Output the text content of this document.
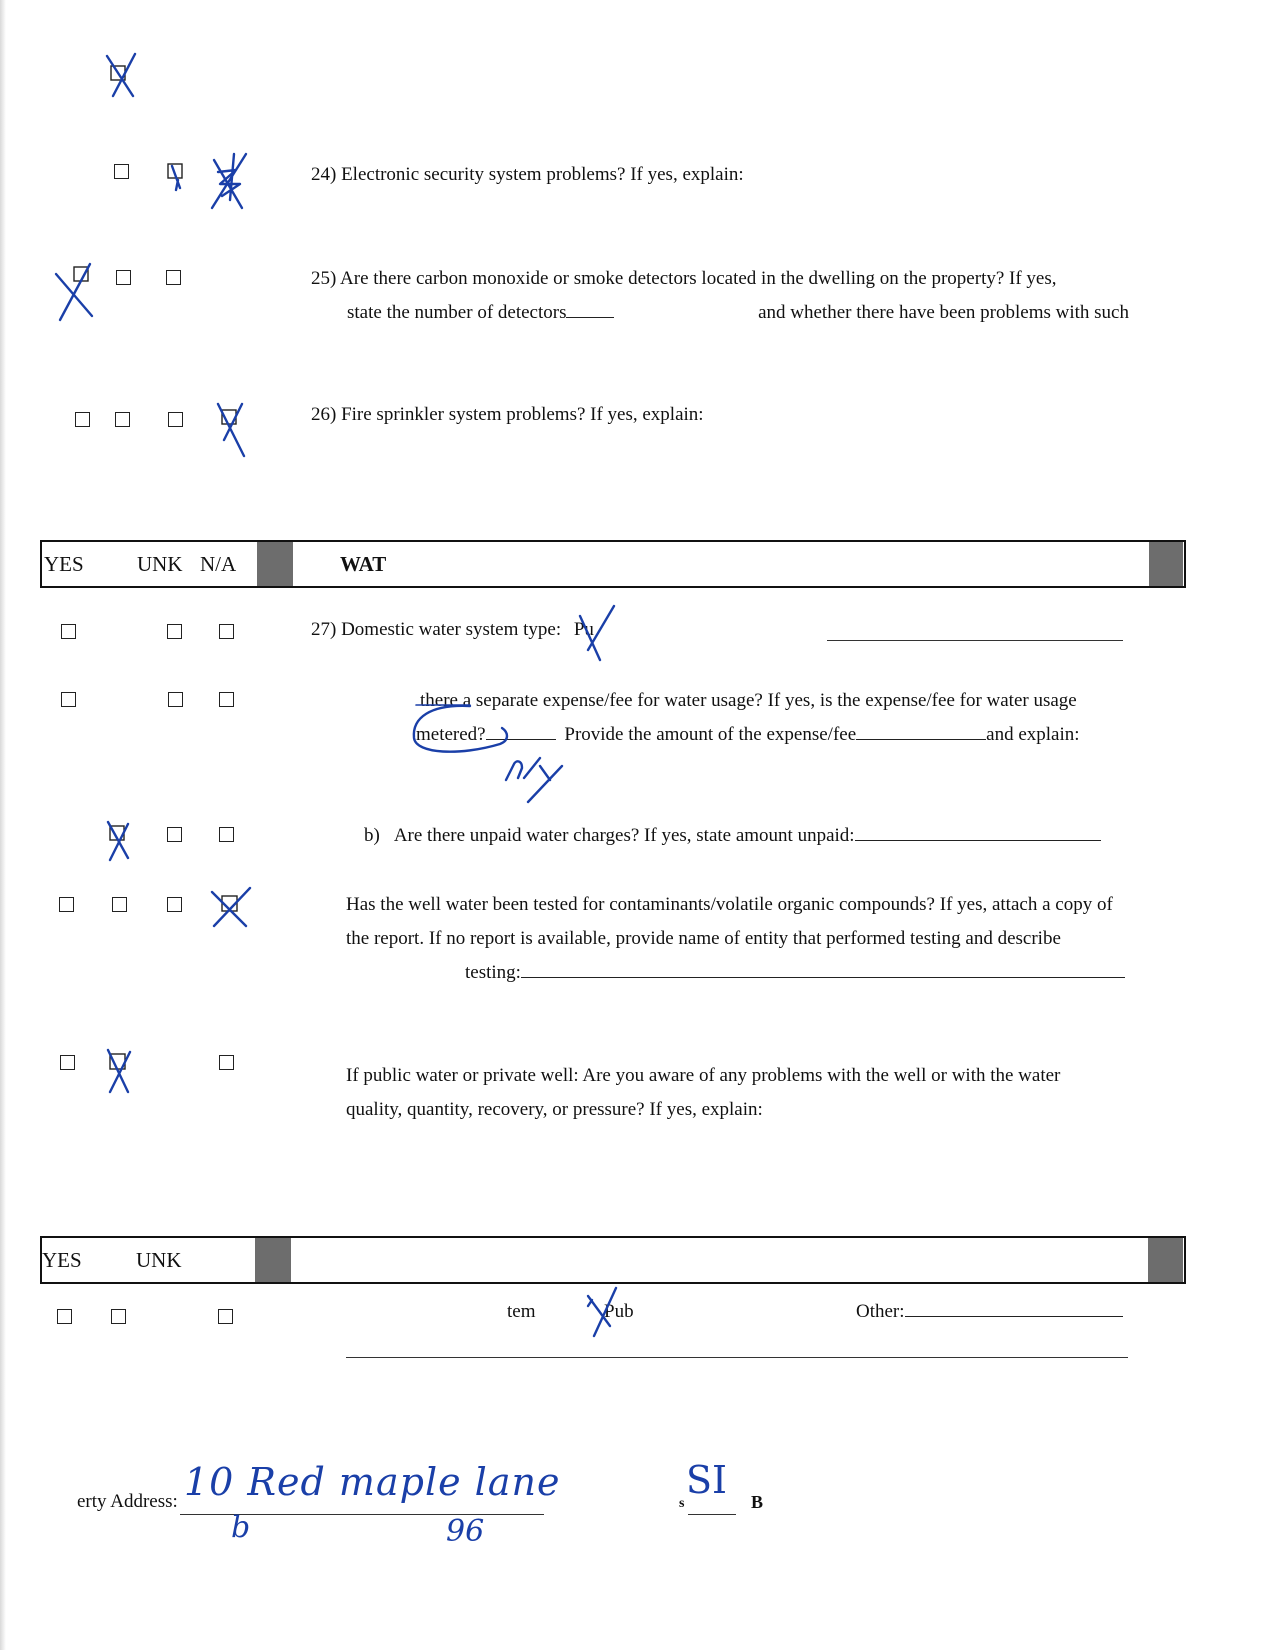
24) Electronic security system problems? If yes, explain:
25) Are there carbon monoxide or smoke detectors located in the dwelling on the property? If yes,
state the number of detectors	and whether there have been problems with such
26) Fire sprinkler system problems? If yes, explain:
YES	UNK N/A	WAT
27) Domestic water system type: Pu
there a separate expense/fee for water usage? If yes, is the expense/fee for water usage
metered?	Provide the amount of the expense/fee	and explain:
b) Are there unpaid water charges? If yes, state amount unpaid:
Has the well water been tested for contaminants/volatile organic compounds? If yes, attach a copy of
the report. If no report is available, provide name of entity that performed testing and describe
testing:
If public water or private well: Are you aware of any problems with the well or with the water
quality, quantity, recovery, or pressure? If yes, explain:
YES	UNK
tem	Pub	Other:
erty Address: 10 Red maple lane
b	96
s
SI B
